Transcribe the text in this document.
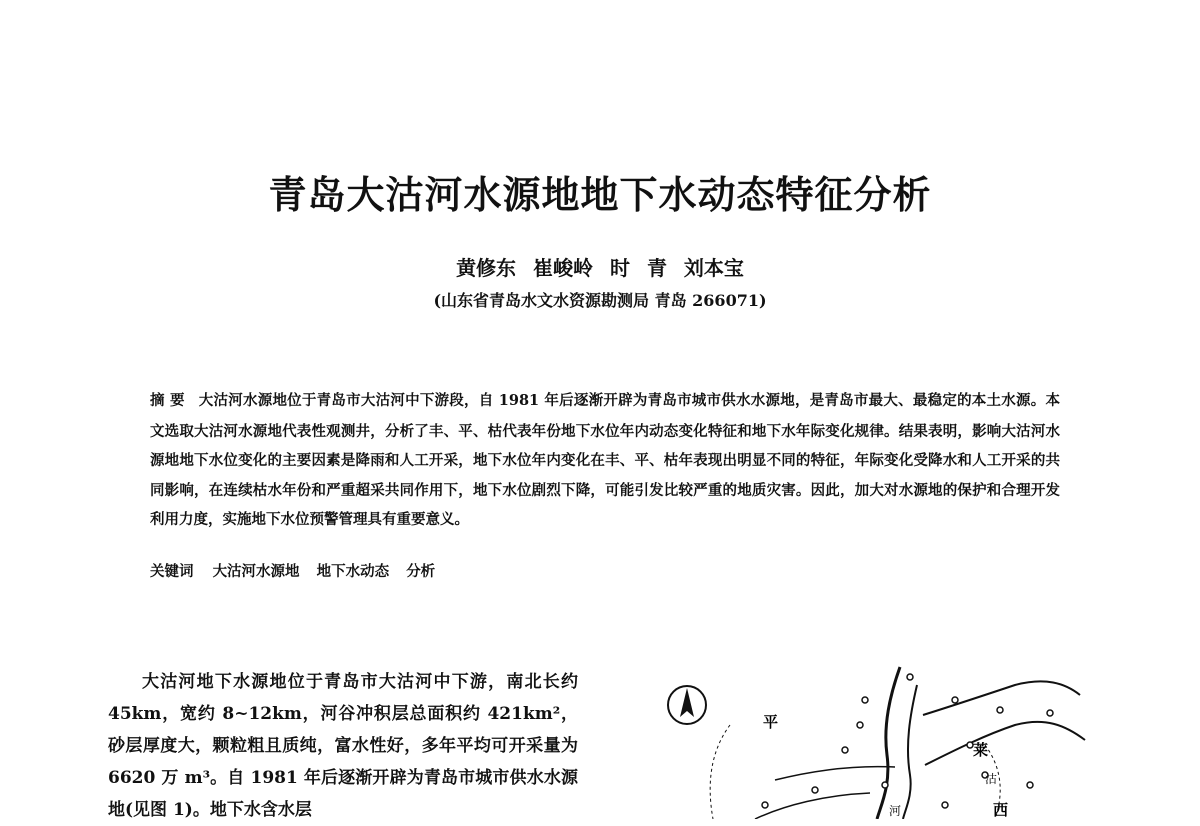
青岛大沽河水源地地下水动态特征分析
黄修东 崔峻岭 时 青 刘本宝
(山东省青岛水文水资源勘测局 青岛 266071)
摘 要 大沽河水源地位于青岛市大沽河中下游段，自 1981 年后逐渐开辟为青岛市城市供水水源地，是青岛市最大、最稳定的本土水源。本文选取大沽河水源地代表性观测井，分析了丰、平、枯代表年份地下水位年内动态变化特征和地下水年际变化规律。结果表明，影响大沽河水源地地下水位变化的主要因素是降雨和人工开采，地下水位年内变化在丰、平、枯年表现出明显不同的特征，年际变化受降水和人工开采的共同影响，在连续枯水年份和严重超采共同作用下，地下水位剧烈下降，可能引发比较严重的地质灾害。因此，加大对水源地的保护和合理开发利用力度，实施地下水位预警管理具有重要意义。
关键词 大沽河水源地 地下水动态 分析

大沽河地下水源地位于青岛市大沽河中下游，南北长约 45km，宽约 8~12km，河谷冲积层总面积约 421km²，砂层厚度大，颗粒粗且质纯，富水性好，多年平均可开采量为 6620 万 m³。自 1981 年后逐渐开辟为青岛市城市供水水源地(见图 1)。地下水含水层

平
莱
西
沽
河
